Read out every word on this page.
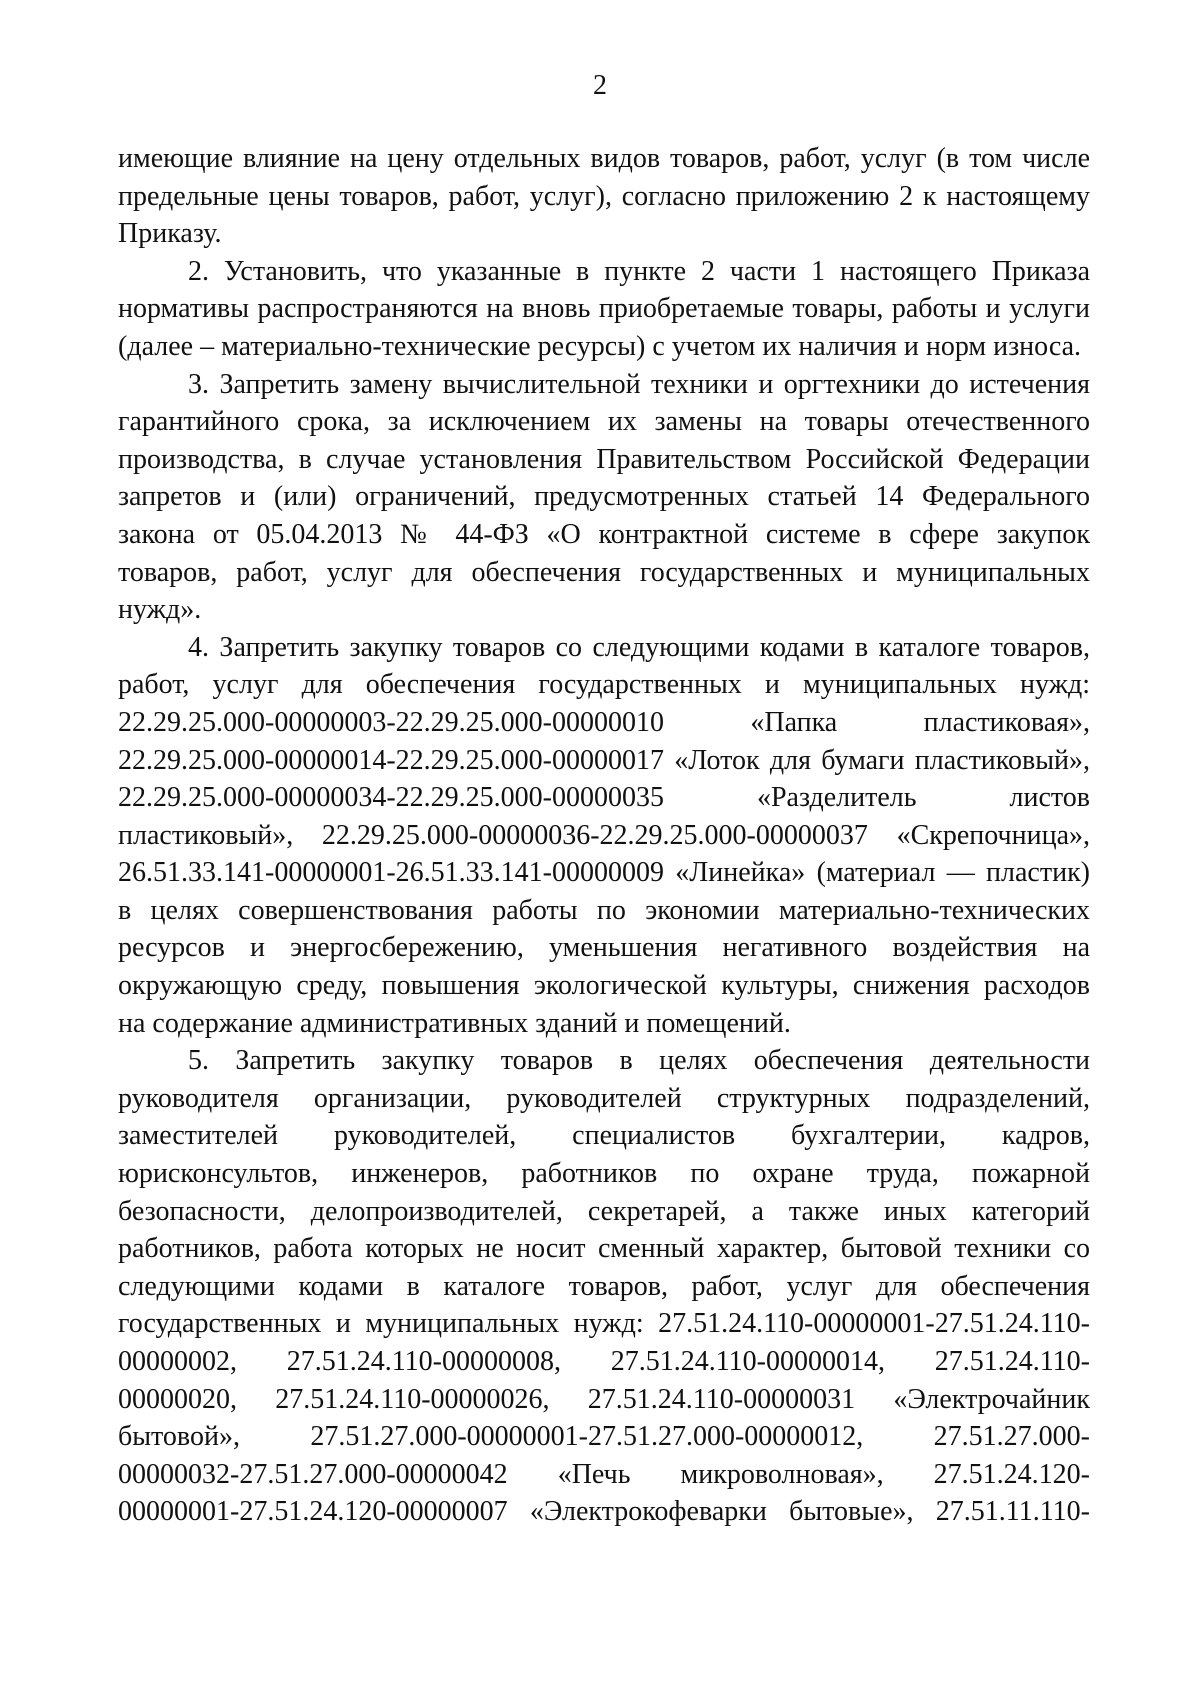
2
имеющие влияние на цену отдельных видов товаров, работ, услуг (в том числе
предельные цены товаров, работ, услуг), согласно приложению 2 к настоящему
Приказу.
2. Установить, что указанные в пункте 2 части 1 настоящего Приказа
нормативы распространяются на вновь приобретаемые товары, работы и услуги
(далее – материально-технические ресурсы) с учетом их наличия и норм износа.
3. Запретить замену вычислительной техники и оргтехники до истечения
гарантийного срока, за исключением их замены на товары отечественного
производства, в случае установления Правительством Российской Федерации
запретов и (или) ограничений, предусмотренных статьей 14 Федерального
закона от 05.04.2013 № 44-ФЗ «О контрактной системе в сфере закупок
товаров, работ, услуг для обеспечения государственных и муниципальных
нужд».
4. Запретить закупку товаров со следующими кодами в каталоге товаров,
работ, услуг для обеспечения государственных и муниципальных нужд:
22.29.25.000-00000003-22.29.25.000-00000010 «Папка пластиковая»,
22.29.25.000-00000014-22.29.25.000-00000017 «Лоток для бумаги пластиковый»,
22.29.25.000-00000034-22.29.25.000-00000035 «Разделитель листов
пластиковый», 22.29.25.000-00000036-22.29.25.000-00000037 «Скрепочница»,
26.51.33.141-00000001-26.51.33.141-00000009 «Линейка» (материал — пластик)
в целях совершенствования работы по экономии материально-технических
ресурсов и энергосбережению, уменьшения негативного воздействия на
окружающую среду, повышения экологической культуры, снижения расходов
на содержание административных зданий и помещений.
5. Запретить закупку товаров в целях обеспечения деятельности
руководителя организации, руководителей структурных подразделений,
заместителей руководителей, специалистов бухгалтерии, кадров,
юрисконсультов, инженеров, работников по охране труда, пожарной
безопасности, делопроизводителей, секретарей, а также иных категорий
работников, работа которых не носит сменный характер, бытовой техники со
следующими кодами в каталоге товаров, работ, услуг для обеспечения
государственных и муниципальных нужд: 27.51.24.110-00000001-27.51.24.110-
00000002, 27.51.24.110-00000008, 27.51.24.110-00000014, 27.51.24.110-
00000020, 27.51.24.110-00000026, 27.51.24.110-00000031 «Электрочайник
бытовой», 27.51.27.000-00000001-27.51.27.000-00000012, 27.51.27.000-
00000032-27.51.27.000-00000042 «Печь микроволновая», 27.51.24.120-
00000001-27.51.24.120-00000007 «Электрокофеварки бытовые», 27.51.11.110-
